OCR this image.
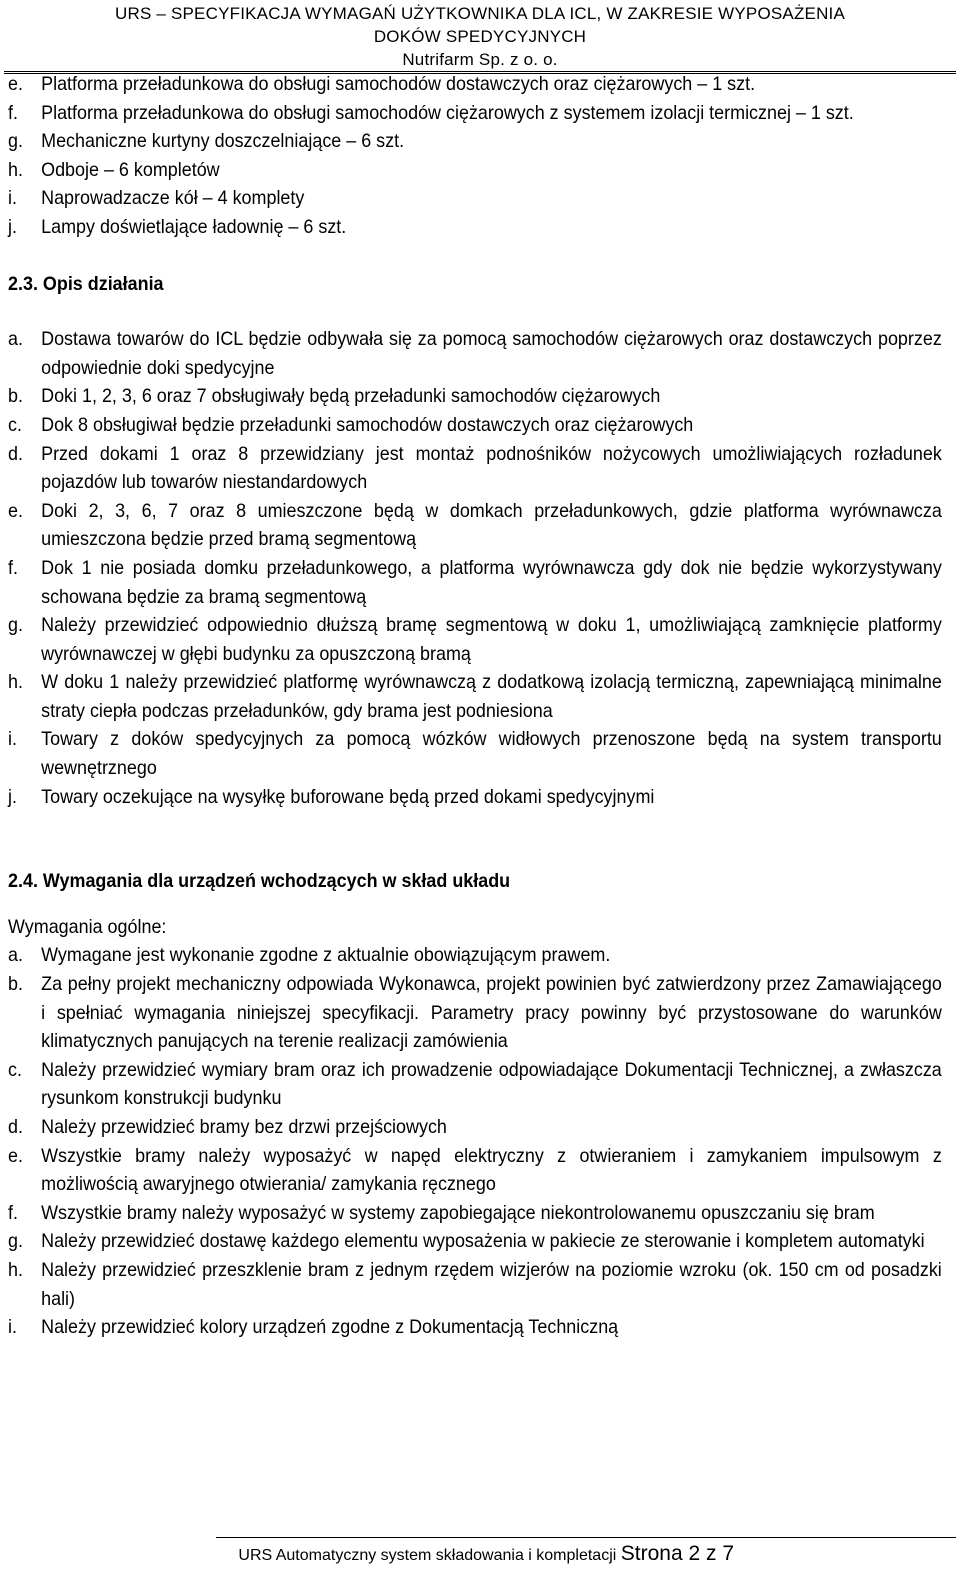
URS – SPECYFIKACJA WYMAGAŃ UŻYTKOWNIKA DLA ICL, W ZAKRESIE WYPOSAŻENIA
DOKÓW SPEDYCYJNYCH
Nutrifarm Sp. z o. o.
e. Platforma przeładunkowa do obsługi samochodów dostawczych oraz ciężarowych – 1 szt.
f.	Platforma przeładunkowa do obsługi samochodów ciężarowych z systemem izolacji termicznej – 1 szt.
g. Mechaniczne kurtyny doszczelniające – 6 szt.
h. Odboje – 6 kompletów
i.	Naprowadzacze kół – 4 komplety
j.	Lampy doświetlające ładownię – 6 szt.

2.3. Opis działania

a. Dostawa towarów do ICL będzie odbywała się za pomocą samochodów ciężarowych oraz dostawczych poprzez odpowiednie doki spedycyjne
b. Doki 1, 2, 3, 6 oraz 7 obsługiwały będą przeładunki samochodów ciężarowych
c. Dok 8 obsługiwał będzie przeładunki samochodów dostawczych oraz ciężarowych
d. Przed dokami 1 oraz 8 przewidziany jest montaż podnośników nożycowych umożliwiających rozładunek pojazdów lub towarów niestandardowych
e. Doki 2, 3, 6, 7 oraz 8 umieszczone będą w domkach przeładunkowych, gdzie platforma wyrównawcza umieszczona będzie przed bramą segmentową
f.	Dok 1 nie posiada domku przeładunkowego, a platforma wyrównawcza gdy dok nie będzie wykorzystywany schowana będzie za bramą segmentową
g. Należy przewidzieć odpowiednio dłuższą bramę segmentową w doku 1, umożliwiającą zamknięcie platformy wyrównawczej w głębi budynku za opuszczoną bramą
h. W doku 1 należy przewidzieć platformę wyrównawczą z dodatkową izolacją termiczną, zapewniającą minimalne straty ciepła podczas przeładunków, gdy brama jest podniesiona
i.	Towary z doków spedycyjnych za pomocą wózków widłowych przenoszone będą na system transportu wewnętrznego
j.	Towary oczekujące na wysyłkę buforowane będą przed dokami spedycyjnymi

2.4. Wymagania dla urządzeń wchodzących w skład układu

Wymagania ogólne:

a. Wymagane jest wykonanie zgodne z aktualnie obowiązującym prawem.
b. Za pełny projekt mechaniczny odpowiada Wykonawca, projekt powinien być zatwierdzony przez Zamawiającego i spełniać wymagania niniejszej specyfikacji. Parametry pracy powinny być przystosowane do warunków klimatycznych panujących na terenie realizacji zamówienia
c. Należy przewidzieć wymiary bram oraz ich prowadzenie odpowiadające Dokumentacji Technicznej, a zwłaszcza rysunkom konstrukcji budynku
d. Należy przewidzieć bramy bez drzwi przejściowych
e. Wszystkie bramy należy wyposażyć w napęd elektryczny z otwieraniem i zamykaniem impulsowym z możliwością awaryjnego otwierania/ zamykania ręcznego
f.	Wszystkie bramy należy wyposażyć w systemy zapobiegające niekontrolowanemu opuszczaniu się bram
g. Należy przewidzieć dostawę każdego elementu wyposażenia w pakiecie ze sterowanie i kompletem automatyki
h. Należy przewidzieć przeszklenie bram z jednym rzędem wizjerów na poziomie wzroku (ok. 150 cm od posadzki hali)
i.	Należy przewidzieć kolory urządzeń zgodne z Dokumentacją Techniczną
URS Automatyczny system składowania i kompletacji Strona 2 z 7
